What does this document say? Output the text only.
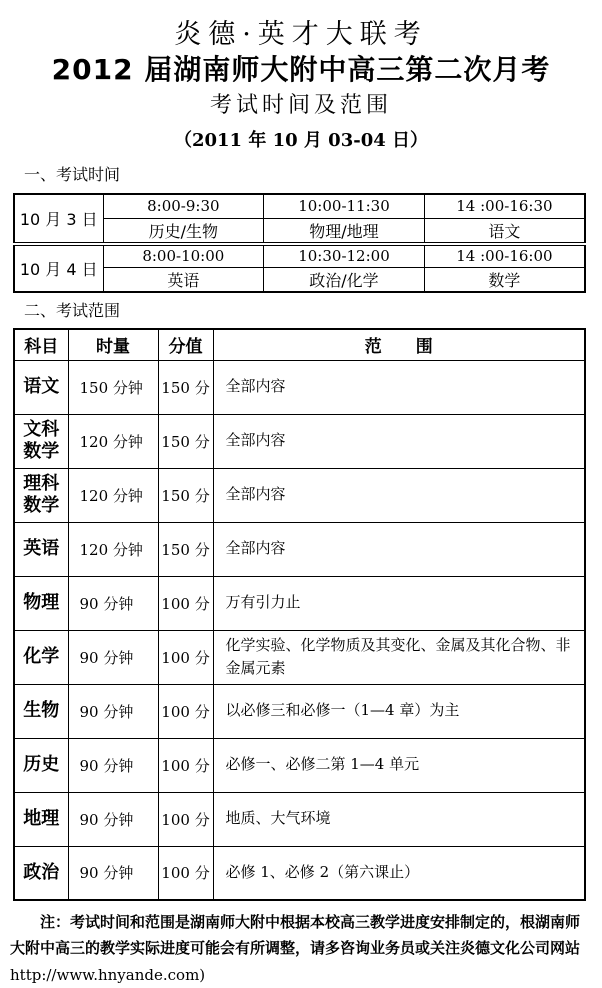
炎德·英才大联考
2012 届湖南师大附中高三第二次月考
考试时间及范围
（2011 年 10 月 03-04 日）
一、考试时间
10 月 3 日	8:00-9:30	10:00-11:30	14 :00-16:30
	历史/生物	物理/地理	语文
10 月 4 日	8:00-10:00	10:30-12:00	14 :00-16:00
	英语	政治/化学	数学
二、考试范围
科目	时量	分值	范　　围
语文	150 分钟	150 分	全部内容
文科数学	120 分钟	150 分	全部内容
理科数学	120 分钟	150 分	全部内容
英语	120 分钟	150 分	全部内容
物理	90 分钟	100 分	万有引力止
化学	90 分钟	100 分	化学实验、化学物质及其变化、金属及其化合物、非金属元素
生物	90 分钟	100 分	以必修三和必修一（1—4 章）为主
历史	90 分钟	100 分	必修一、必修二第 1—4 单元
地理	90 分钟	100 分	地质、大气环境
政治	90 分钟	100 分	必修 1、必修 2（第六课止）

注：考试时间和范围是湖南师大附中根据本校高三教学进度安排制定的，根湖南师大附中高三的教学实际进度可能会有所调整，请多咨询业务员或关注炎德文化公司网站 http://www.hnyande.com)
